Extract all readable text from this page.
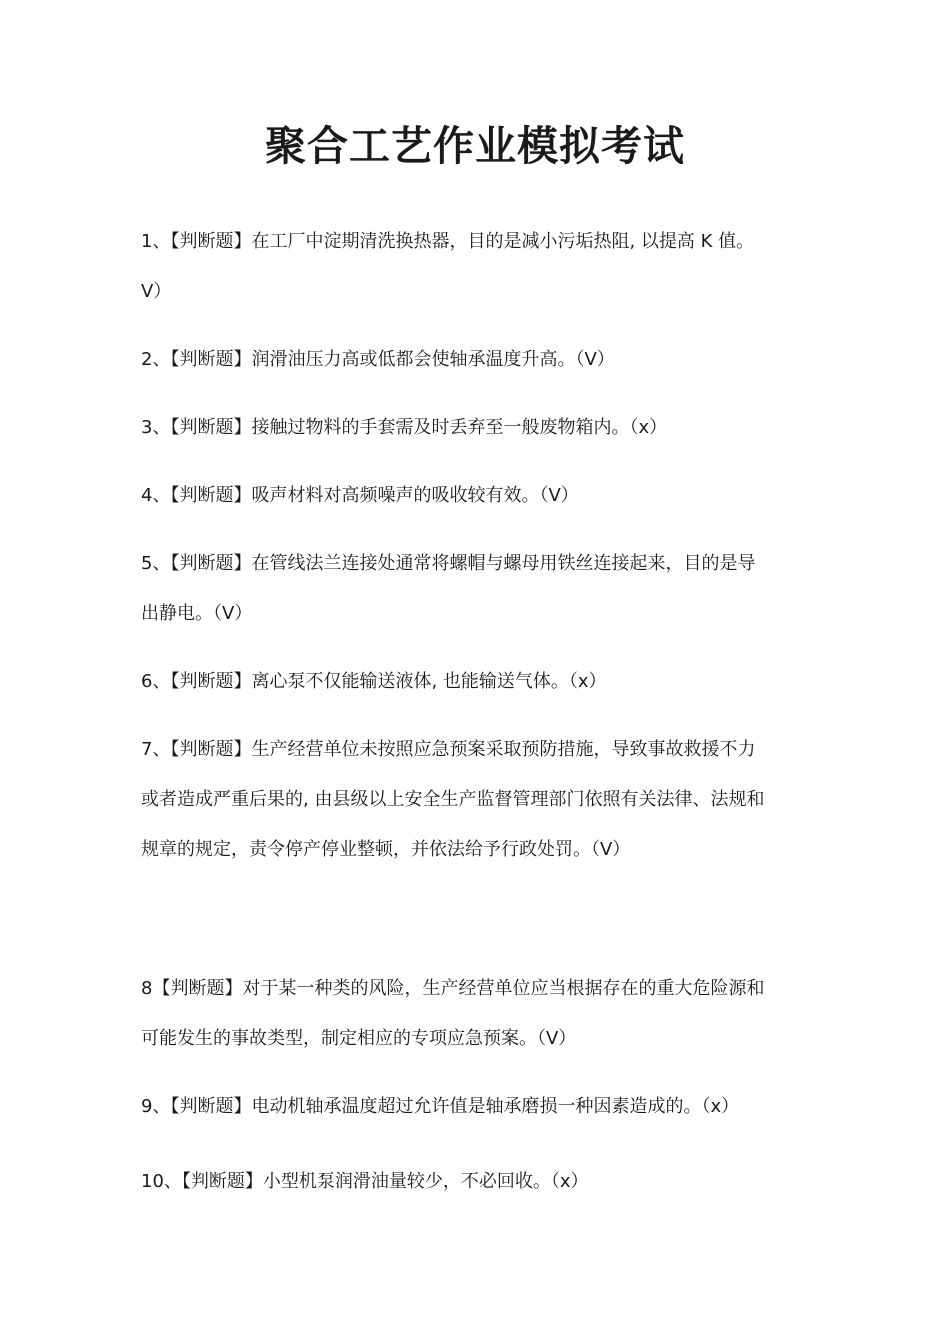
聚合工艺作业模拟考试
1、【判断题】在工厂中淀期清洗换热器，目的是减小污垢热阻, 以提高 K 值。
V）
2、【判断题】润滑油压力高或低都会使轴承温度升高。（V）
3、【判断题】接触过物料的手套需及时丢弃至一般废物箱内。（x）
4、【判断题】吸声材料对高频噪声的吸收较有效。（V）
5、【判断题】在管线法兰连接处通常将螺帽与螺母用铁丝连接起来，目的是导
出静电。（V）
6、【判断题】离心泵不仅能输送液体, 也能输送气体。（x）
7、【判断题】生产经营单位未按照应急预案采取预防措施，导致事故救援不力
或者造成严重后果的, 由县级以上安全生产监督管理部门依照有关法律、法规和
规章的规定，责令停产停业整顿，并依法给予行政处罚。（V）
8【判断题】对于某一种类的风险，生产经营单位应当根据存在的重大危险源和
可能发生的事故类型，制定相应的专项应急预案。（V）
9、【判断题】电动机轴承温度超过允许值是轴承磨损一种因素造成的。（x）
10、【判断题】小型机泵润滑油量较少，不必回收。（x）
